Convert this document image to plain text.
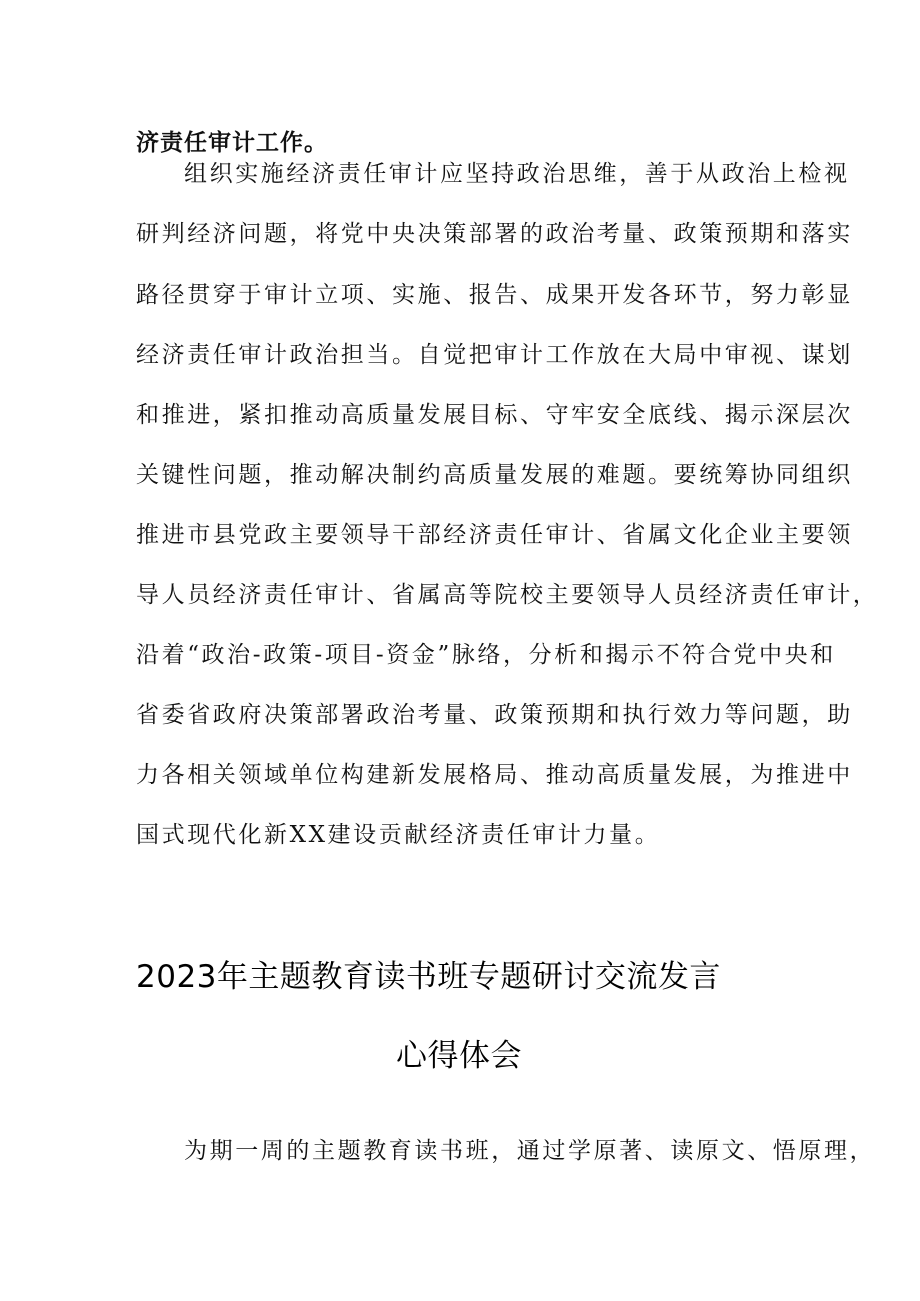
济责任审计工作。
组织实施经济责任审计应坚持政治思维，善于从政治上检视
研判经济问题，将党中央决策部署的政治考量、政策预期和落实
路径贯穿于审计立项、实施、报告、成果开发各环节，努力彰显
经济责任审计政治担当。自觉把审计工作放在大局中审视、谋划
和推进，紧扣推动高质量发展目标、守牢安全底线、揭示深层次
关键性问题，推动解决制约高质量发展的难题。要统筹协同组织
推进市县党政主要领导干部经济责任审计、省属文化企业主要领
导人员经济责任审计、省属高等院校主要领导人员经济责任审计，
沿着“政治-政策-项目-资金”脉络，分析和揭示不符合党中央和
省委省政府决策部署政治考量、政策预期和执行效力等问题，助
力各相关领域单位构建新发展格局、推动高质量发展，为推进中
国式现代化新XX建设贡献经济责任审计力量。
2023年主题教育读书班专题研讨交流发言
心得体会
为期一周的主题教育读书班，通过学原著、读原文、悟原理，
